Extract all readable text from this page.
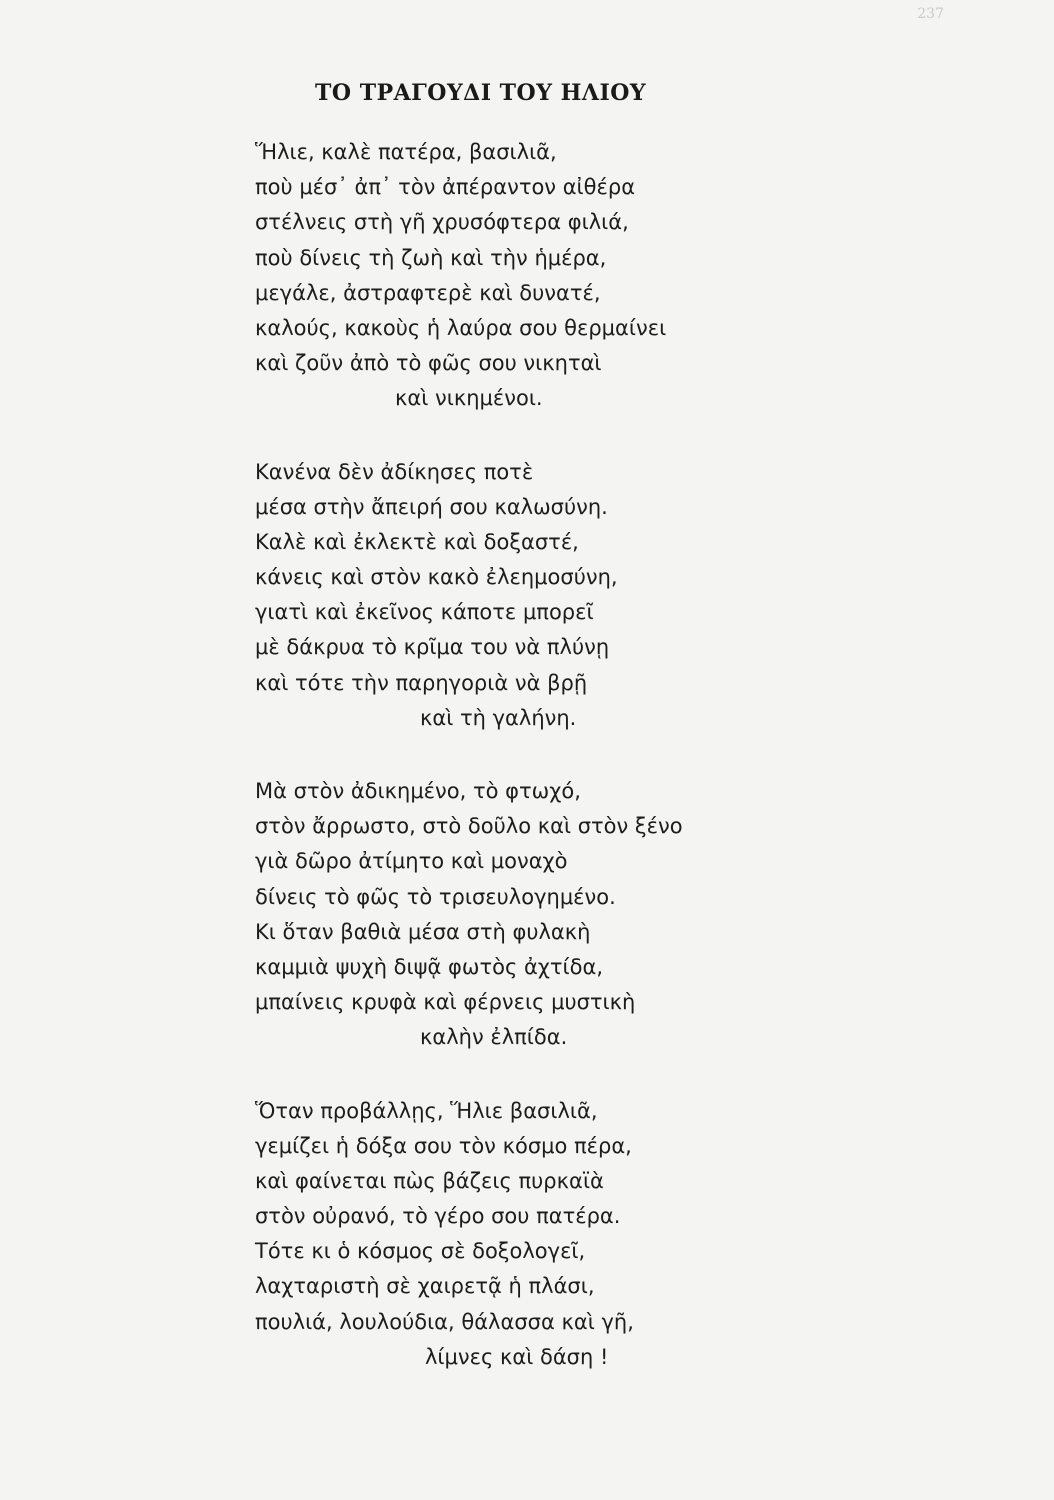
237
ΤΟ ΤΡΑΓΟΥΔΙ ΤΟΥ ΗΛΙΟΥ
Ἥλιε, καλὲ πατέρα, βασιλιᾶ,
ποὺ μέσ᾿ ἀπ᾿ τὸν ἀπέραντον αἰθέρα
στέλνεις στὴ γῆ χρυσόφτερα φιλιά,
ποὺ δίνεις τὴ ζωὴ καὶ τὴν ἡμέρα,
μεγάλε, ἀστραφτερὲ καὶ δυνατέ,
καλούς, κακοὺς ἡ λαύρα σου θερμαίνει
καὶ ζοῦν ἀπὸ τὸ φῶς σου νικηταὶ
καὶ νικημένοι.
Κανένα δὲν ἀδίκησες ποτὲ
μέσα στὴν ἄπειρή σου καλωσύνη.
Καλὲ καὶ ἐκλεκτὲ καὶ δοξαστέ,
κάνεις καὶ στὸν κακὸ ἐλεημοσύνη,
γιατὶ καὶ ἐκεῖνος κάποτε μπορεῖ
μὲ δάκρυα τὸ κρῖμα του νὰ πλύνῃ
καὶ τότε τὴν παρηγοριὰ νὰ βρῇ
καὶ τὴ γαλήνη.
Μὰ στὸν ἀδικημένο, τὸ φτωχό,
στὸν ἄρρωστο, στὸ δοῦλο καὶ στὸν ξένο
γιὰ δῶρο ἀτίμητο καὶ μοναχὸ
δίνεις τὸ φῶς τὸ τρισευλογημένο.
Κι ὅταν βαθιὰ μέσα στὴ φυλακὴ
καμμιὰ ψυχὴ διψᾷ φωτὸς ἀχτίδα,
μπαίνεις κρυφὰ καὶ φέρνεις μυστικὴ
καλὴν ἐλπίδα.
Ὅταν προβάλλῃς, Ἥλιε βασιλιᾶ,
γεμίζει ἡ δόξα σου τὸν κόσμο πέρα,
καὶ φαίνεται πὼς βάζεις πυρκαϊὰ
στὸν οὐρανό, τὸ γέρο σου πατέρα.
Τότε κι ὁ κόσμος σὲ δοξολογεῖ,
λαχταριστὴ σὲ χαιρετᾷ ἡ πλάσι,
πουλιά, λουλούδια, θάλασσα καὶ γῆ,
λίμνες καὶ δάση !
